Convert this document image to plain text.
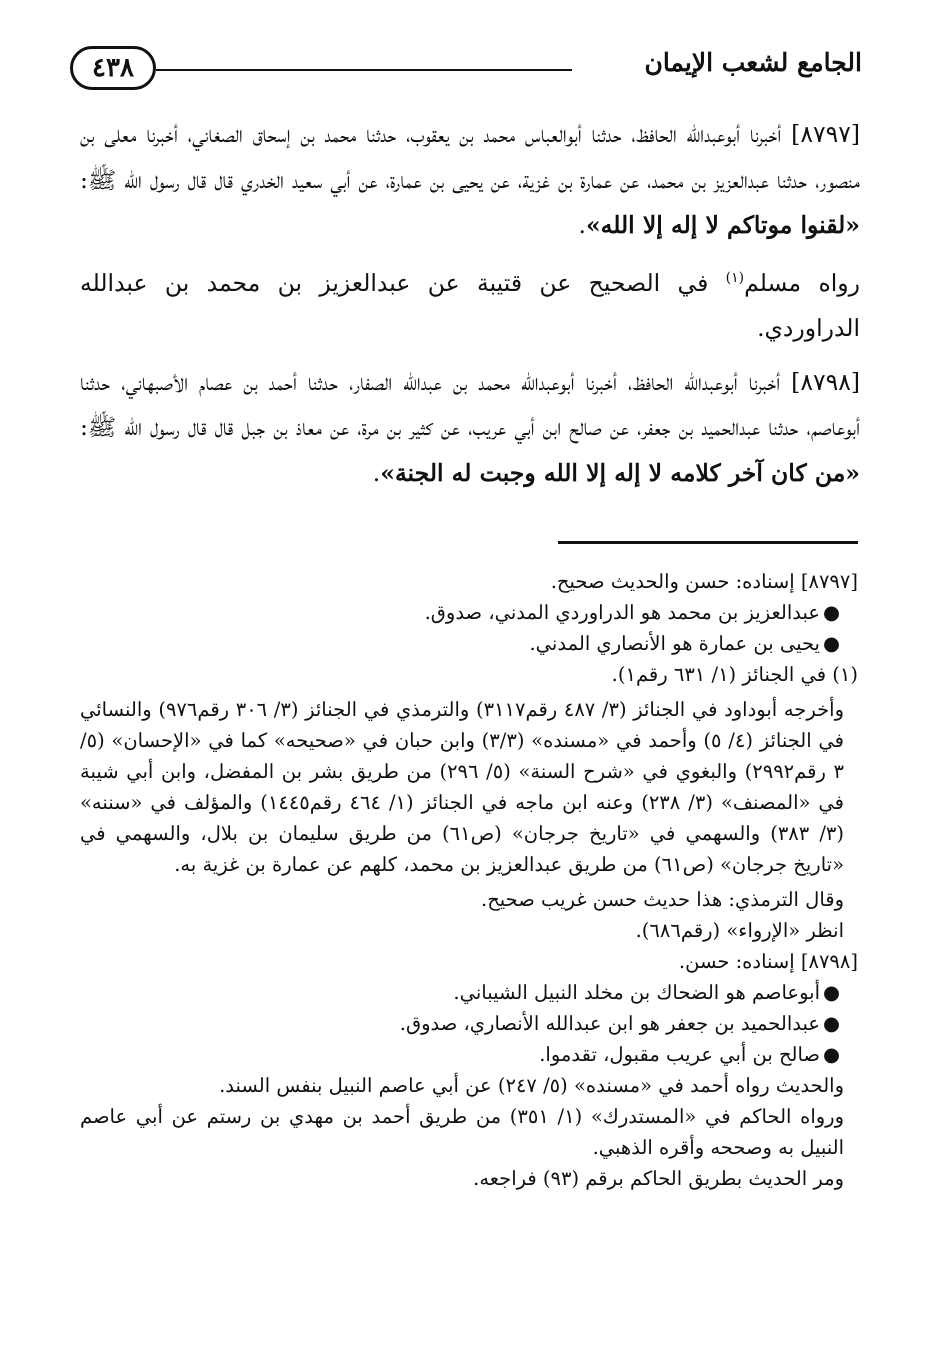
٤٣٨	الجامع لشعب الإيمان

[٨٧٩٧] أخبرنا أبوعبدالله الحافظ، حدثنا أبوالعباس محمد بن يعقوب، حدثنا محمد بن إسحاق الصغاني، أخبرنا معلى بن منصور، حدثنا عبدالعزيز بن محمد، عن عمارة بن غزية، عن يحيى بن عمارة، عن أبي سعيد الخدري قال قال رسول الله ﷺ: «لقنوا موتاكم لا إله إلا الله».

رواه مسلم$^{(١)}$ في الصحيح عن قتيبة عن عبدالعزيز بن محمد بن عبدالله الدراوردي.

[٨٧٩٨] أخبرنا أبوعبدالله الحافظ، أخبرنا أبوعبدالله محمد بن عبدالله الصفار، حدثنا أحمد بن عصام الأصبهاني، حدثنا أبوعاصم، حدثنا عبدالحميد بن جعفر، عن صالح ابن أبي عريب، عن كثير بن مرة، عن معاذ بن جبل قال قال رسول الله ﷺ: «من كان آخر كلامه لا إله إلا الله وجبت له الجنة».

[٨٧٩٧] إسناده: حسن والحديث صحيح.

●
عبدالعزيز بن محمد هو الدراوردي المدني، صدوق.
●
يحيى بن عمارة هو الأنصاري المدني.

(١) في الجنائز (١/ ٦٣١ رقم١).

وأخرجه أبوداود في الجنائز (٣/ ٤٨٧ رقم٣١١٧) والترمذي في الجنائز (٣/ ٣٠٦ رقم٩٧٦) والنسائي في الجنائز (٤/ ٥) وأحمد في «مسنده» (٣/٣) وابن حبان في «صحيحه» كما في «الإحسان» (٥/ ٣ رقم٢٩٩٢) والبغوي في «شرح السنة» (٥/ ٢٩٦) من طريق بشر بن المفضل، وابن أبي شيبة في «المصنف» (٣/ ٢٣٨) وعنه ابن ماجه في الجنائز (١/ ٤٦٤ رقم١٤٤٥) والمؤلف في «سننه» (٣/ ٣٨٣) والسهمي في «تاريخ جرجان» (ص٦١) من طريق سليمان بن بلال، والسهمي في «تاريخ جرجان» (ص٦١) من طريق عبدالعزيز بن محمد، كلهم عن عمارة بن غزية به.

وقال الترمذي: هذا حديث حسن غريب صحيح.

انظر «الإرواء» (رقم٦٨٦).

[٨٧٩٨] إسناده: حسن.

●
أبوعاصم هو الضحاك بن مخلد النبيل الشيباني.
●
عبدالحميد بن جعفر هو ابن عبدالله الأنصاري، صدوق.
●
صالح بن أبي عريب مقبول، تقدموا.

والحديث رواه أحمد في «مسنده» (٥/ ٢٤٧) عن أبي عاصم النبيل بنفس السند.

ورواه الحاكم في «المستدرك» (١/ ٣٥١) من طريق أحمد بن مهدي بن رستم عن أبي عاصم النبيل به وصححه وأقره الذهبي.

ومر الحديث بطريق الحاكم برقم (٩٣) فراجعه.
